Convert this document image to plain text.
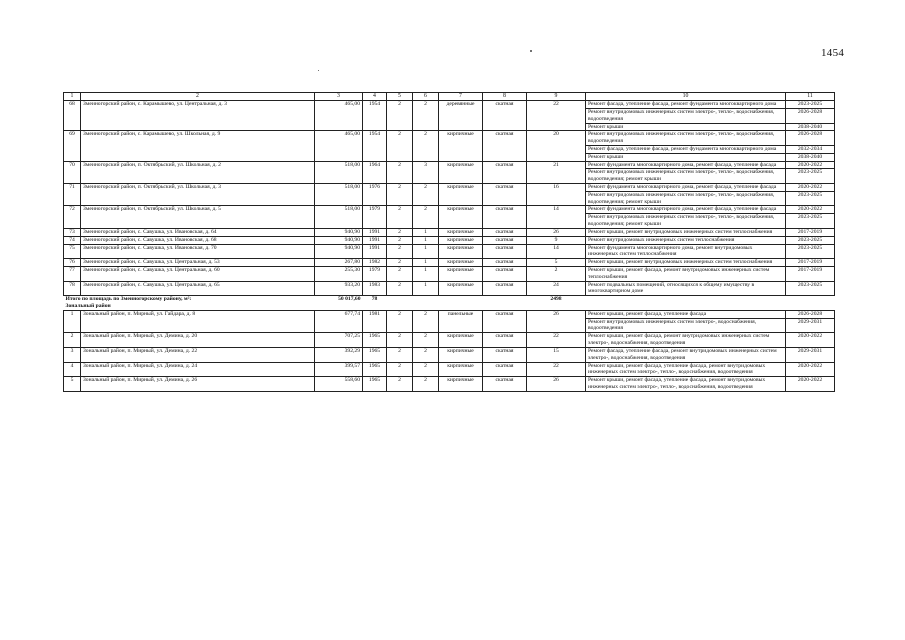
1454
1	2	3	4	5	6	7	8	9	10	11
68	Змеиногорский район, с. Карамышево, ул. Центральная, д. 3	465,00	1954	2	2	деревянные	скатная	22	Ремонт фасада, утепление фасада, ремонт фундамента многоквартирного дома	2023-2025
									Ремонт внутридомовых инженерных систем электро-, тепло-, водоснабжения, водоотведения	2026-2028
									Ремонт крыши	2038-2040
69	Змеиногорский район, с. Карамышево, ул. Школьная, д. 9	465,00	1954	2	2	кирпичные	скатная	20	Ремонт внутридомовых инженерных систем электро-, тепло-, водоснабжения, водоотведения	2026-2028
									Ремонт фасада, утепление фасада, ремонт фундамента многоквартирного дома	2032-2034
									Ремонт крыши	2038-2040
70	Змеиногорский район, п. Октябрьский, ул. Школьная, д. 2	518,00	1964	2	3	кирпичные	скатная	21	Ремонт фундамента многоквартирного дома, ремонт фасада, утепление фасада	2020-2022
									Ремонт внутридомовых инженерных систем электро-, тепло-, водоснабжения, водоотведения; ремонт крыши	2023-2025
71	Змеиногорский район, п. Октябрьский, ул. Школьная, д. 3	518,00	1976	2	2	кирпичные	скатная	16	Ремонт фундамента многоквартирного дома, ремонт фасада, утепление фасада	2020-2022
									Ремонт внутридомовых инженерных систем электро-, тепло-, водоснабжения, водоотведения; ремонт крыши	2023-2025
72	Змеиногорский район, п. Октябрьский, ул. Школьная, д. 5	518,00	1979	2	2	кирпичные	скатная	14	Ремонт фундамента многоквартирного дома, ремонт фасада, утепление фасада	2020-2022
									Ремонт внутридомовых инженерных систем электро-, тепло-, водоснабжения, водоотведения; ремонт крыши	2023-2025
73	Змеиногорский район, с. Савушка, ул. Ивановская, д. 64	940,90	1991	2	1	кирпичные	скатная	26	Ремонт крыши, ремонт внутридомовых инженерных систем теплоснабжения	2017-2019
74	Змеиногорский район, с. Савушка, ул. Ивановская, д. 68	940,90	1991	2	1	кирпичные	скатная	9	Ремонт внутридомовых инженерных систем теплоснабжения	2023-2025
75	Змеиногорский район, с. Савушка, ул. Ивановская, д. 70	940,90	1991	2	1	кирпичные	скатная	14	Ремонт фундамента многоквартирного дома, ремонт внутридомовых инженерных систем теплоснабжения	2023-2025
76	Змеиногорский район, с. Савушка, ул. Центральная, д. 53	267,80	1982	2	1	кирпичные	скатная	5	Ремонт крыши, ремонт внутридомовых инженерных систем теплоснабжения	2017-2019
77	Змеиногорский район, с. Савушка, ул. Центральная, д. 60	255,30	1979	2	1	кирпичные	скатная	2	Ремонт крыши, ремонт фасада, ремонт внутридомовых инженерных систем теплоснабжения	2017-2019
78	Змеиногорский район, с. Савушка, ул. Центральная, д. 65	933,20	1983	2	1	кирпичные	скатная	24	Ремонт подвальных помещений, относящихся к общему имуществу в многоквартирном доме	2023-2025
Итого по площадь по Змеиногорскому району, м²:		50 017,60	78					2498		
Зональный район										
1	Зональный район, п. Мирный, ул. Гайдара, д. 8	677,74	1981	2	2	панельные	скатная	26	Ремонт крыши, ремонт фасада, утепление фасада	2026-2028
									Ремонт внутридомовых инженерных систем электро-, водоснабжения, водоотведения	2029-2031
2	Зональный район, п. Мирный, ул. Демина, д. 20	707,25	1965	2	2	кирпичные	скатная	22	Ремонт крыши, ремонт фасада, ремонт внутридомовых инженерных систем электро-, водоснабжения, водоотведения	2020-2022
3	Зональный район, п. Мирный, ул. Демина, д. 22	392,29	1965	2	2	кирпичные	скатная	15	Ремонт фасада, утепление фасада, ремонт внутридомовых инженерных систем электро-, водоснабжения, водоотведения	2029-2031
4	Зональный район, п. Мирный, ул. Демина, д. 24	399,57	1965	2	2	кирпичные	скатная	22	Ремонт крыши, ремонт фасада, утепление фасада, ремонт внутридомовых инженерных систем электро-, тепло-, водоснабжения, водоотведения	2020-2022
5	Зональный район, п. Мирный, ул. Демина, д. 26	558,60	1965	2	2	кирпичные	скатная	26	Ремонт крыши, ремонт фасада, утепление фасада, ремонт внутридомовых инженерных систем электро-, тепло-, водоснабжения, водоотведения	2020-2022
